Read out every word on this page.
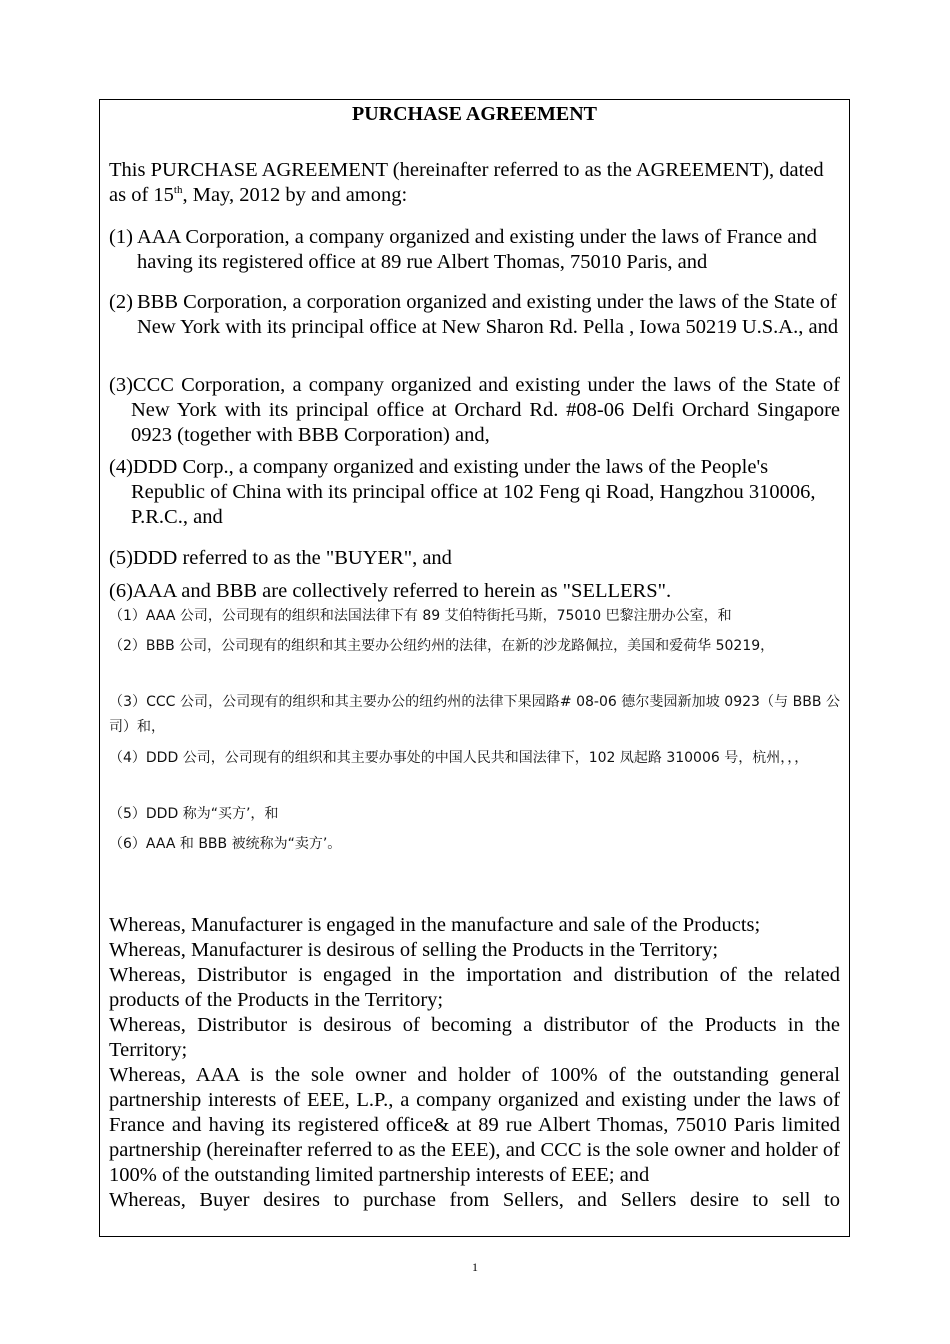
PURCHASE AGREEMENT

This PURCHASE AGREEMENT (hereinafter referred to as the AGREEMENT), dated as of 15th, May, 2012 by and among:

(1) AAA Corporation, a company organized and existing under the laws of France and having its registered office at 89 rue Albert Thomas, 75010 Paris, and

(2) BBB Corporation, a corporation organized and existing under the laws of the State of New York with its principal office at New Sharon Rd. Pella , Iowa 50219 U.S.A., and

(3)CCC Corporation, a company organized and existing under the laws of the State of New York with its principal office at Orchard Rd. #08-06 Delfi Orchard Singapore 0923 (together with BBB Corporation) and,

(4)DDD Corp., a company organized and existing under the laws of the People's Republic of China with its principal office at 102 Feng qi Road, Hangzhou 310006, P.R.C., and

(5)DDD referred to as the "BUYER", and

(6)AAA and BBB are collectively referred to herein as "SELLERS".

（1）AAA 公司，公司现有的组织和法国法律下有 89 艾伯特街托马斯，75010 巴黎注册办公室，和

（2）BBB 公司，公司现有的组织和其主要办公纽约州的法律，在新的沙龙路佩拉，美国和爱荷华 50219，

（3）CCC 公司，公司现有的组织和其主要办公的纽约州的法律下果园路# 08-06 德尔斐园新加坡 0923（与 BBB 公司）和，

（4）DDD 公司，公司现有的组织和其主要办事处的中国人民共和国法律下，102 凤起路 310006 号，杭州，，，

（5）DDD 称为“买方’，和

（6）AAA 和 BBB 被统称为“卖方’。

Whereas, Manufacturer is engaged in the manufacture and sale of the Products;

Whereas, Manufacturer is desirous of selling the Products in the Territory;

Whereas, Distributor is engaged in the importation and distribution of the related products of the Products in the Territory;

Whereas, Distributor is desirous of becoming a distributor of the Products in the Territory;

Whereas, AAA is the sole owner and holder of 100% of the outstanding general partnership interests of EEE, L.P., a company organized and existing under the laws of France and having its registered office& at 89 rue Albert Thomas, 75010 Paris limited partnership (hereinafter referred to as the EEE), and CCC is the sole owner and holder of 100% of the outstanding limited partnership interests of EEE; and

Whereas, Buyer desires to purchase from Sellers, and Sellers desire to sell to

1
